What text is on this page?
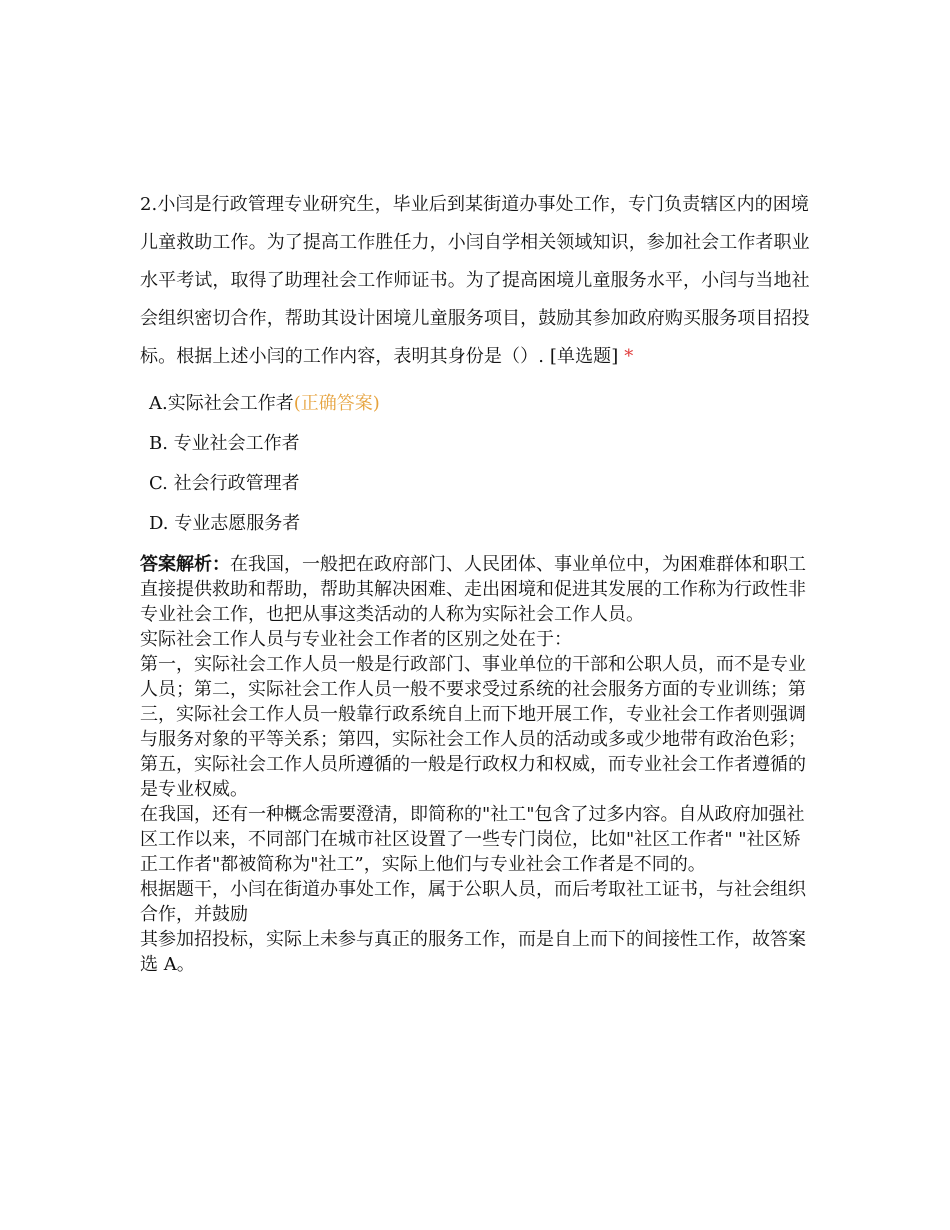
2.小闫是行政管理专业研究生，毕业后到某街道办事处工作，专门负责辖区内的困境儿童救助工作。为了提高工作胜任力，小闫自学相关领域知识，参加社会工作者职业水平考试，取得了助理社会工作师证书。为了提高困境儿童服务水平，小闫与当地社会组织密切合作，帮助其设计困境儿童服务项目，鼓励其参加政府购买服务项目招投标。根据上述小闫的工作内容，表明其身份是（）. [单选题] *

A.实际社会工作者(正确答案)
B. 专业社会工作者
C. 社会行政管理者
D. 专业志愿服务者

答案解析：在我国，一般把在政府部门、人民团体、事业单位中，为困难群体和职工直接提供救助和帮助，帮助其解决困难、走出困境和促进其发展的工作称为行政性非专业社会工作，也把从事这类活动的人称为实际社会工作人员。

实际社会工作人员与专业社会工作者的区别之处在于：

第一，实际社会工作人员一般是行政部门、事业单位的干部和公职人员，而不是专业人员；第二，实际社会工作人员一般不要求受过系统的社会服务方面的专业训练；第三，实际社会工作人员一般靠行政系统自上而下地开展工作，专业社会工作者则强调与服务对象的平等关系；第四，实际社会工作人员的活动或多或少地带有政治色彩；第五，实际社会工作人员所遵循的一般是行政权力和权威，而专业社会工作者遵循的是专业权威。

在我国，还有一种概念需要澄清，即简称的"社工"包含了过多内容。自从政府加强社区工作以来，不同部门在城市社区设置了一些专门岗位，比如"社区工作者" "社区矫正工作者"都被简称为"社工”，实际上他们与专业社会工作者是不同的。

根据题干，小闫在街道办事处工作，属于公职人员，而后考取社工证书，与社会组织合作，并鼓励

其参加招投标，实际上未参与真正的服务工作，而是自上而下的间接性工作，故答案选 A。
